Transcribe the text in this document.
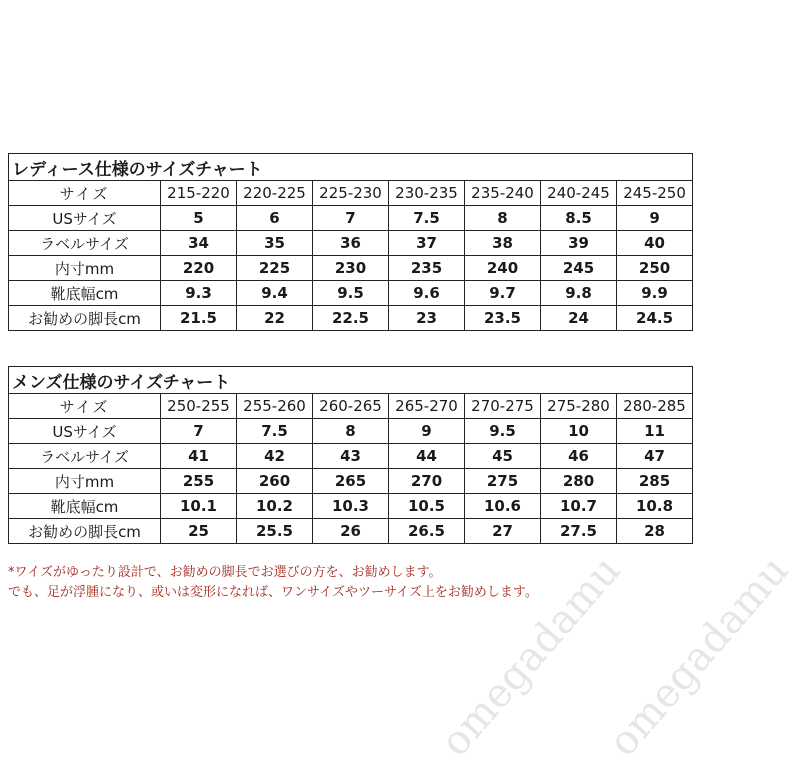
レディース仕様のサイズチャート							
サイズ	215-220	220-225	225-230	230-235	235-240	240-245	245-250
USサイズ	5	6	7	7.5	8	8.5	9
ラベルサイズ	34	35	36	37	38	39	40
内寸mm	220	225	230	235	240	245	250
靴底幅cm	9.3	9.4	9.5	9.6	9.7	9.8	9.9
お勧めの脚長cm	21.5	22	22.5	23	23.5	24	24.5
メンズ仕様のサイズチャート							
サイズ	250-255	255-260	260-265	265-270	270-275	275-280	280-285
USサイズ	7	7.5	8	9	9.5	10	11
ラベルサイズ	41	42	43	44	45	46	47
内寸mm	255	260	265	270	275	280	285
靴底幅cm	10.1	10.2	10.3	10.5	10.6	10.7	10.8
お勧めの脚長cm	25	25.5	26	26.5	27	27.5	28
*ワイズがゆったり設計で、お勧めの脚長でお選びの方を、お勧めします。
でも、足が浮腫になり、或いは変形になれば、ワンサイズやツーサイズ上をお勧めします。
omegadamu
omegadamu
